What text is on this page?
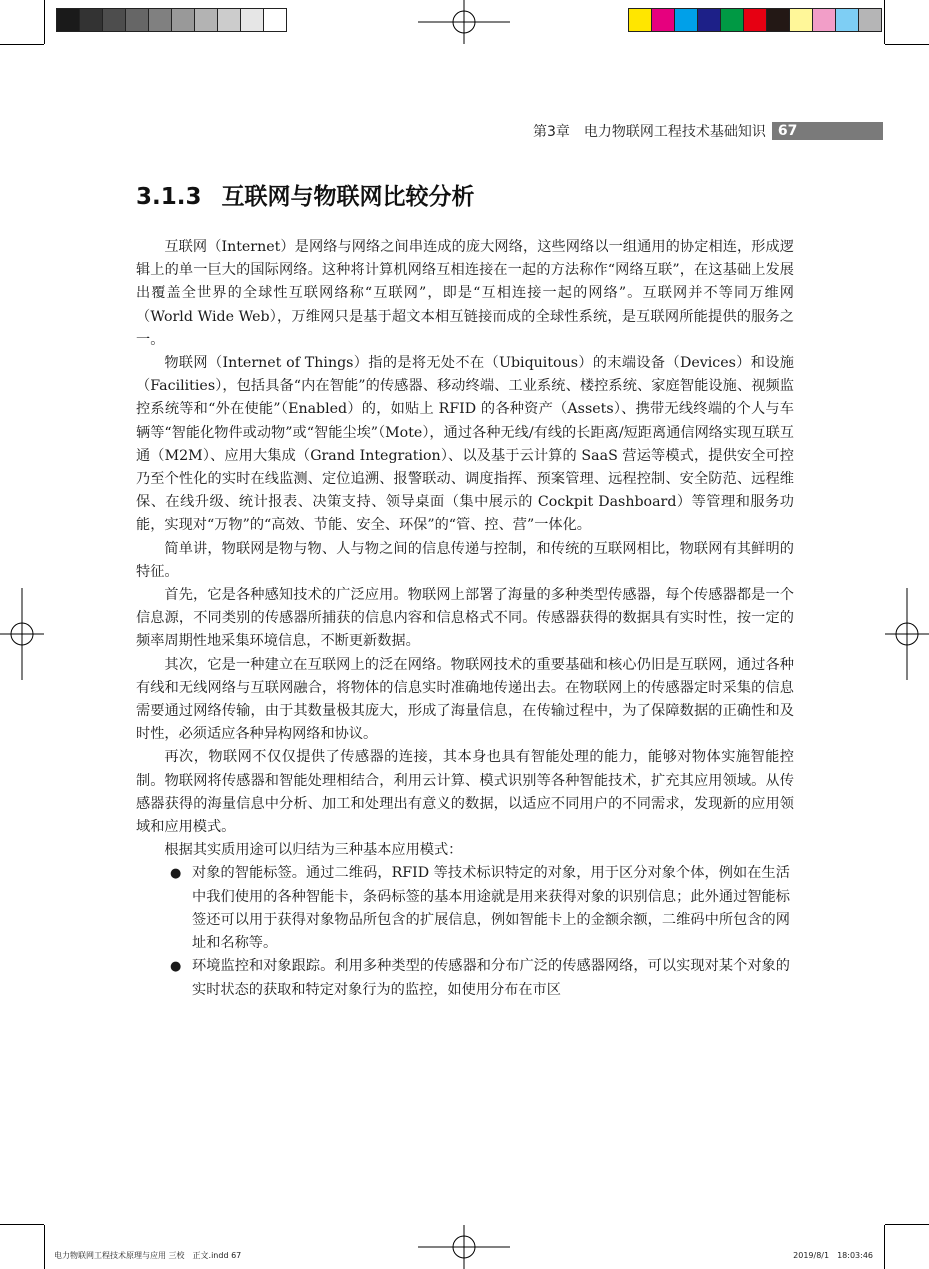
第3章 电力物联网工程技术基础知识 67
3.1.3 互联网与物联网比较分析

互联网（Internet）是网络与网络之间串连成的庞大网络，这些网络以一组通用的协定相连，形成逻辑上的单一巨大的国际网络。这种将计算机网络互相连接在一起的方法称作“网络互联”，在这基础上发展出覆盖全世界的全球性互联网络称“互联网”，即是“互相连接一起的网络”。互联网并不等同万维网（World Wide Web），万维网只是基于超文本相互链接而成的全球性系统，是互联网所能提供的服务之一。

物联网（Internet of Things）指的是将无处不在（Ubiquitous）的末端设备（Devices）和设施（Facilities），包括具备“内在智能”的传感器、移动终端、工业系统、楼控系统、家庭智能设施、视频监控系统等和“外在使能”（Enabled）的，如贴上 RFID 的各种资产（Assets）、携带无线终端的个人与车辆等“智能化物件或动物”或“智能尘埃”（Mote），通过各种无线/有线的长距离/短距离通信网络实现互联互通（M2M）、应用大集成（Grand Integration）、以及基于云计算的 SaaS 营运等模式，提供安全可控乃至个性化的实时在线监测、定位追溯、报警联动、调度指挥、预案管理、远程控制、安全防范、远程维保、在线升级、统计报表、决策支持、领导桌面（集中展示的 Cockpit Dashboard）等管理和服务功能，实现对“万物”的“高效、节能、安全、环保”的“管、控、营”一体化。

简单讲，物联网是物与物、人与物之间的信息传递与控制，和传统的互联网相比，物联网有其鲜明的特征。

首先，它是各种感知技术的广泛应用。物联网上部署了海量的多种类型传感器，每个传感器都是一个信息源，不同类别的传感器所捕获的信息内容和信息格式不同。传感器获得的数据具有实时性，按一定的频率周期性地采集环境信息，不断更新数据。

其次，它是一种建立在互联网上的泛在网络。物联网技术的重要基础和核心仍旧是互联网，通过各种有线和无线网络与互联网融合，将物体的信息实时准确地传递出去。在物联网上的传感器定时采集的信息需要通过网络传输，由于其数量极其庞大，形成了海量信息，在传输过程中，为了保障数据的正确性和及时性，必须适应各种异构网络和协议。

再次，物联网不仅仅提供了传感器的连接，其本身也具有智能处理的能力，能够对物体实施智能控制。物联网将传感器和智能处理相结合，利用云计算、模式识别等各种智能技术，扩充其应用领域。从传感器获得的海量信息中分析、加工和处理出有意义的数据，以适应不同用户的不同需求，发现新的应用领域和应用模式。

根据其实质用途可以归结为三种基本应用模式：

● 对象的智能标签。通过二维码，RFID 等技术标识特定的对象，用于区分对象个体，例如在生活中我们使用的各种智能卡，条码标签的基本用途就是用来获得对象的识别信息；此外通过智能标签还可以用于获得对象物品所包含的扩展信息，例如智能卡上的金额余额，二维码中所包含的网址和名称等。
● 环境监控和对象跟踪。利用多种类型的传感器和分布广泛的传感器网络，可以实现对某个对象的实时状态的获取和特定对象行为的监控，如使用分布在市区
电力物联网工程技术原理与应用 三校　正文.indd 67	2019/8/1　18:03:46
